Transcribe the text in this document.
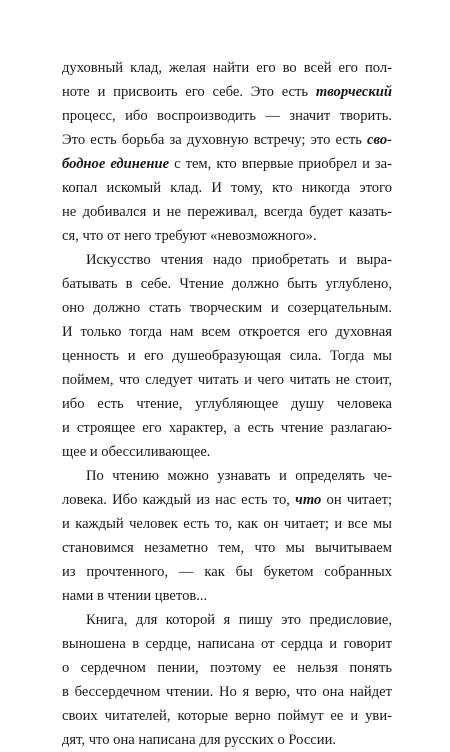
духовный клад, желая найти его во всей его пол-
ноте и присвоить его себе. Это есть творческий
процесс, ибо воспроизводить — значит творить.
Это есть борьба за духовную встречу; это есть сво-
бодное единение с тем, кто впервые приобрел и за-
копал искомый клад. И тому, кто никогда этого
не добивался и не переживал, всегда будет казать-
ся, что от него требуют «невозможного».
Искусство чтения надо приобретать и выра-
батывать в себе. Чтение должно быть углублено,
оно должно стать творческим и созерцательным.
И только тогда нам всем откроется его духовная
ценность и его душеобразующая сила. Тогда мы
поймем, что следует читать и чего читать не стоит,
ибо есть чтение, углубляющее душу человека
и строящее его характер, а есть чтение разлагаю-
щее и обессиливающее.
По чтению можно узнавать и определять че-
ловека. Ибо каждый из нас есть то, что он читает;
и каждый человек есть то, как он читает; и все мы
становимся незаметно тем, что мы вычитываем
из прочтенного, — как бы букетом собранных
нами в чтении цветов...
Книга, для которой я пишу это предисловие,
выношена в сердце, написана от сердца и говорит
о сердечном пении, поэтому ее нельзя понять
в бессердечном чтении. Но я верю, что она найдет
своих читателей, которые верно поймут ее и уви-
дят, что она написана для русских о России.
